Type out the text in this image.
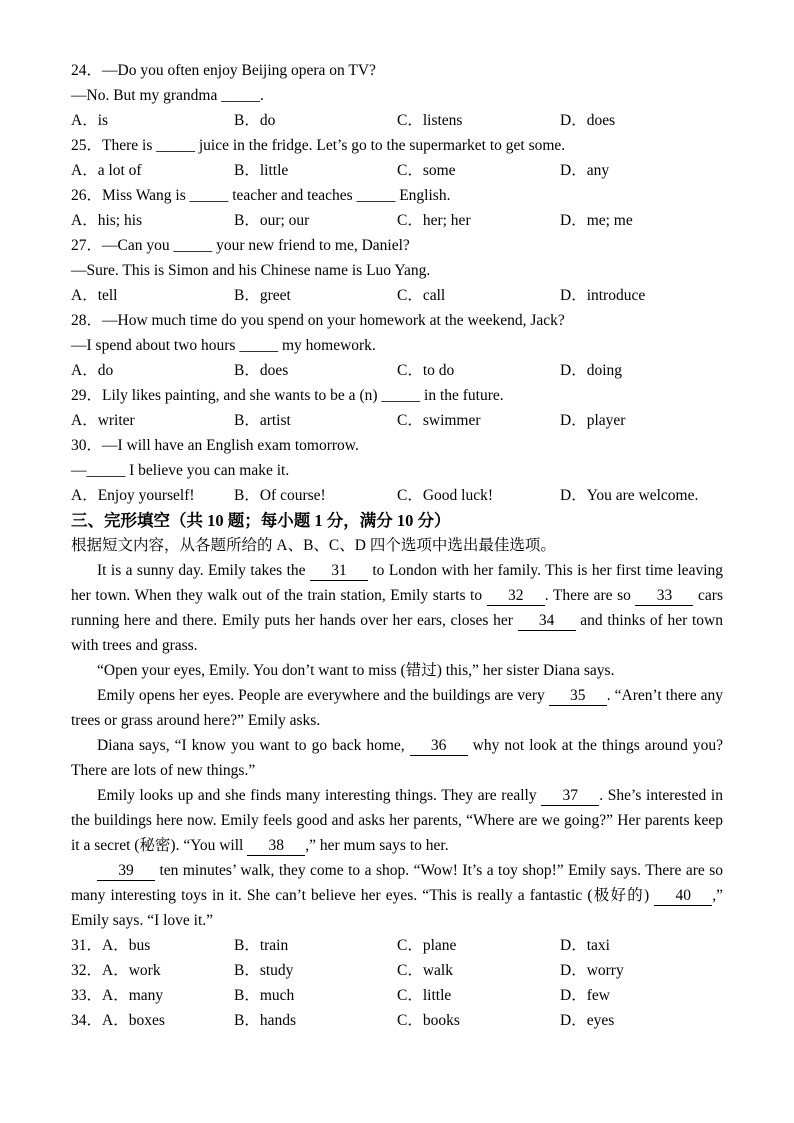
24．—Do you often enjoy Beijing opera on TV?

—No. But my grandma _____.

A．is	B．do	C．listens	D．does

25．There is _____ juice in the fridge. Let’s go to the supermarket to get some.

A．a lot of	B．little	C．some	D．any

26．Miss Wang is _____ teacher and teaches _____ English.

A．his; his	B．our; our	C．her; her	D．me; me

27．—Can you _____ your new friend to me, Daniel?

—Sure. This is Simon and his Chinese name is Luo Yang.

A．tell	B．greet	C．call	D．introduce

28．—How much time do you spend on your homework at the weekend, Jack?

—I spend about two hours _____ my homework.

A．do	B．does	C．to do	D．doing

29．Lily likes painting, and she wants to be a (n) _____ in the future.

A．writer	B．artist	C．swimmer	D．player

30．—I will have an English exam tomorrow.

—_____ I believe you can make it.

A．Enjoy yourself!	B．Of course!	C．Good luck!	D．You are welcome.
三、完形填空（共 10 题；每小题 1 分，满分 10 分）

根据短文内容，从各题所给的 A、B、C、D 四个选项中选出最佳选项。

It is a sunny day. Emily takes the 31 to London with her family. This is her first time leaving her town. When they walk out of the train station, Emily starts to 32 . There are so 33 cars running here and there. Emily puts her hands over her ears, closes her 34 and thinks of her town with trees and grass.

“Open your eyes, Emily. You don’t want to miss (错过) this,” her sister Diana says.

Emily opens her eyes. People are everywhere and the buildings are very 35 . “Aren’t there any trees or grass around here?” Emily asks.

Diana says, “I know you want to go back home, 36 why not look at the things around you? There are lots of new things.”

Emily looks up and she finds many interesting things. They are really 37 . She’s interested in the buildings here now. Emily feels good and asks her parents, “Where are we going?” Her parents keep it a secret (秘密). “You will 38 ,” her mum says to her.

39 ten minutes’ walk, they come to a shop. “Wow! It’s a toy shop!” Emily says. There are so many interesting toys in it. She can’t believe her eyes. “This is really a fantastic (极好的) 40 ,” Emily says. “I love it.”

31．A．bus	B．train	C．plane	D．taxi
32．A．work	B．study	C．walk	D．worry
33．A．many	B．much	C．little	D．few
34．A．boxes	B．hands	C．books	D．eyes
